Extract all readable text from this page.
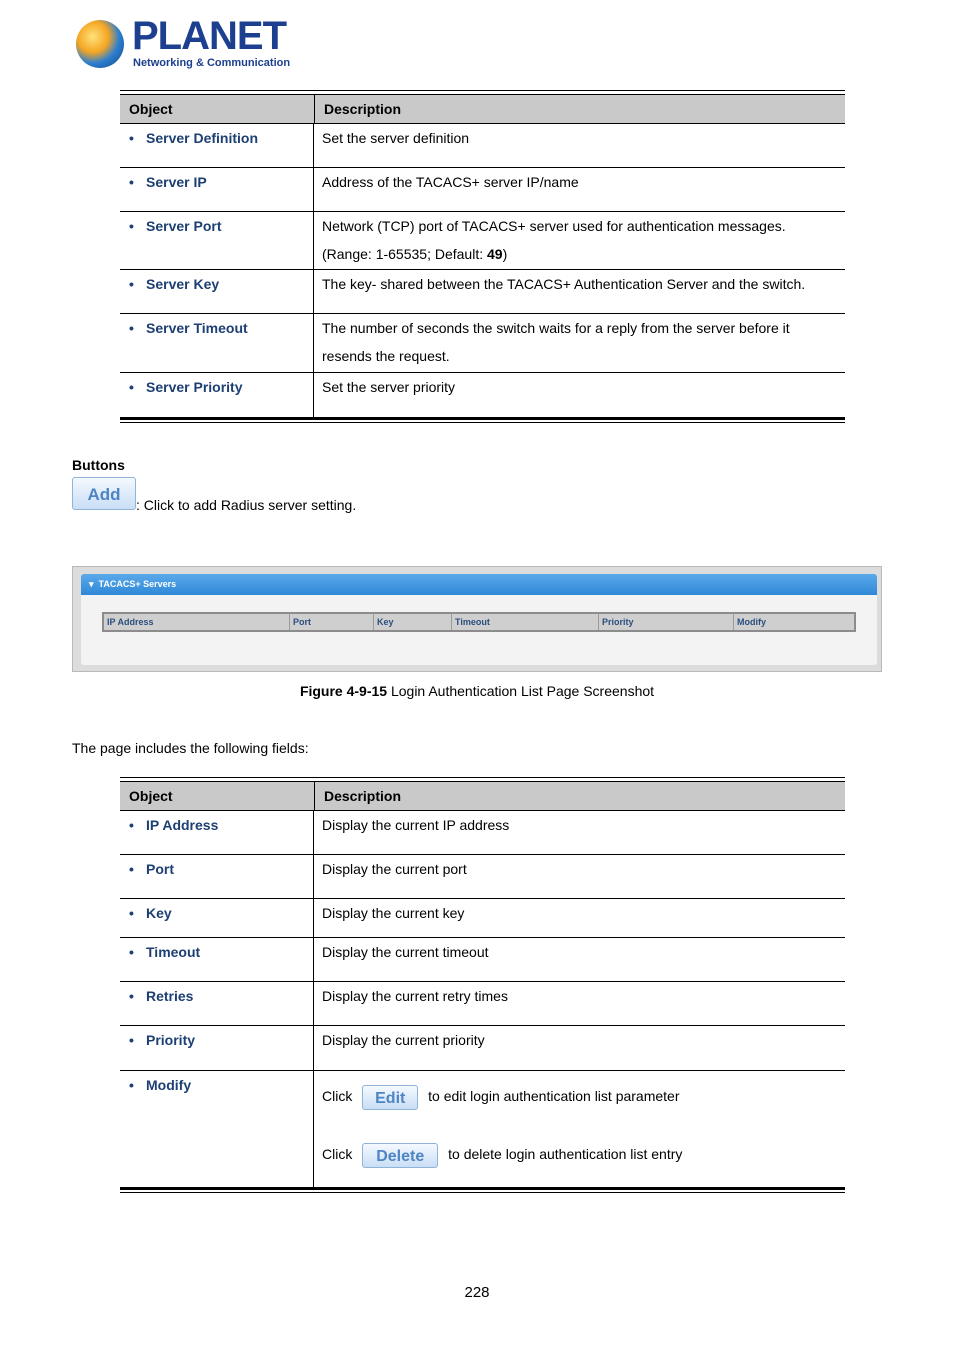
PLANET
Networking & Communication
Object	Description
• Server Definition	Set the server definition

• Server IP	Address of the TACACS+ server IP/name

• Server Port	Network (TCP) port of TACACS+ server used for authentication messages.

(Range: 1-65535; Default: 49)

• Server Key	The key- shared between the TACACS+ Authentication Server and the switch.

• Server Timeout	The number of seconds the switch waits for a reply from the server before it

resends the request.

• Server Priority	Set the server priority

Buttons
Add
: Click to add Radius server setting.
▾  TACACS+ Servers
IP Address	Port	Key	Timeout	Priority	Modify
Figure 4-9-15 Login Authentication List Page Screenshot
The page includes the following fields:
Object	Description
• IP Address	Display the current IP address

• Port	Display the current port

• Key	Display the current key

• Timeout	Display the current timeout

• Retries	Display the current retry times

• Priority	Display the current priority

• Modify

Click Edit to edit login authentication list parameter

Click Delete to delete login authentication list entry

228
